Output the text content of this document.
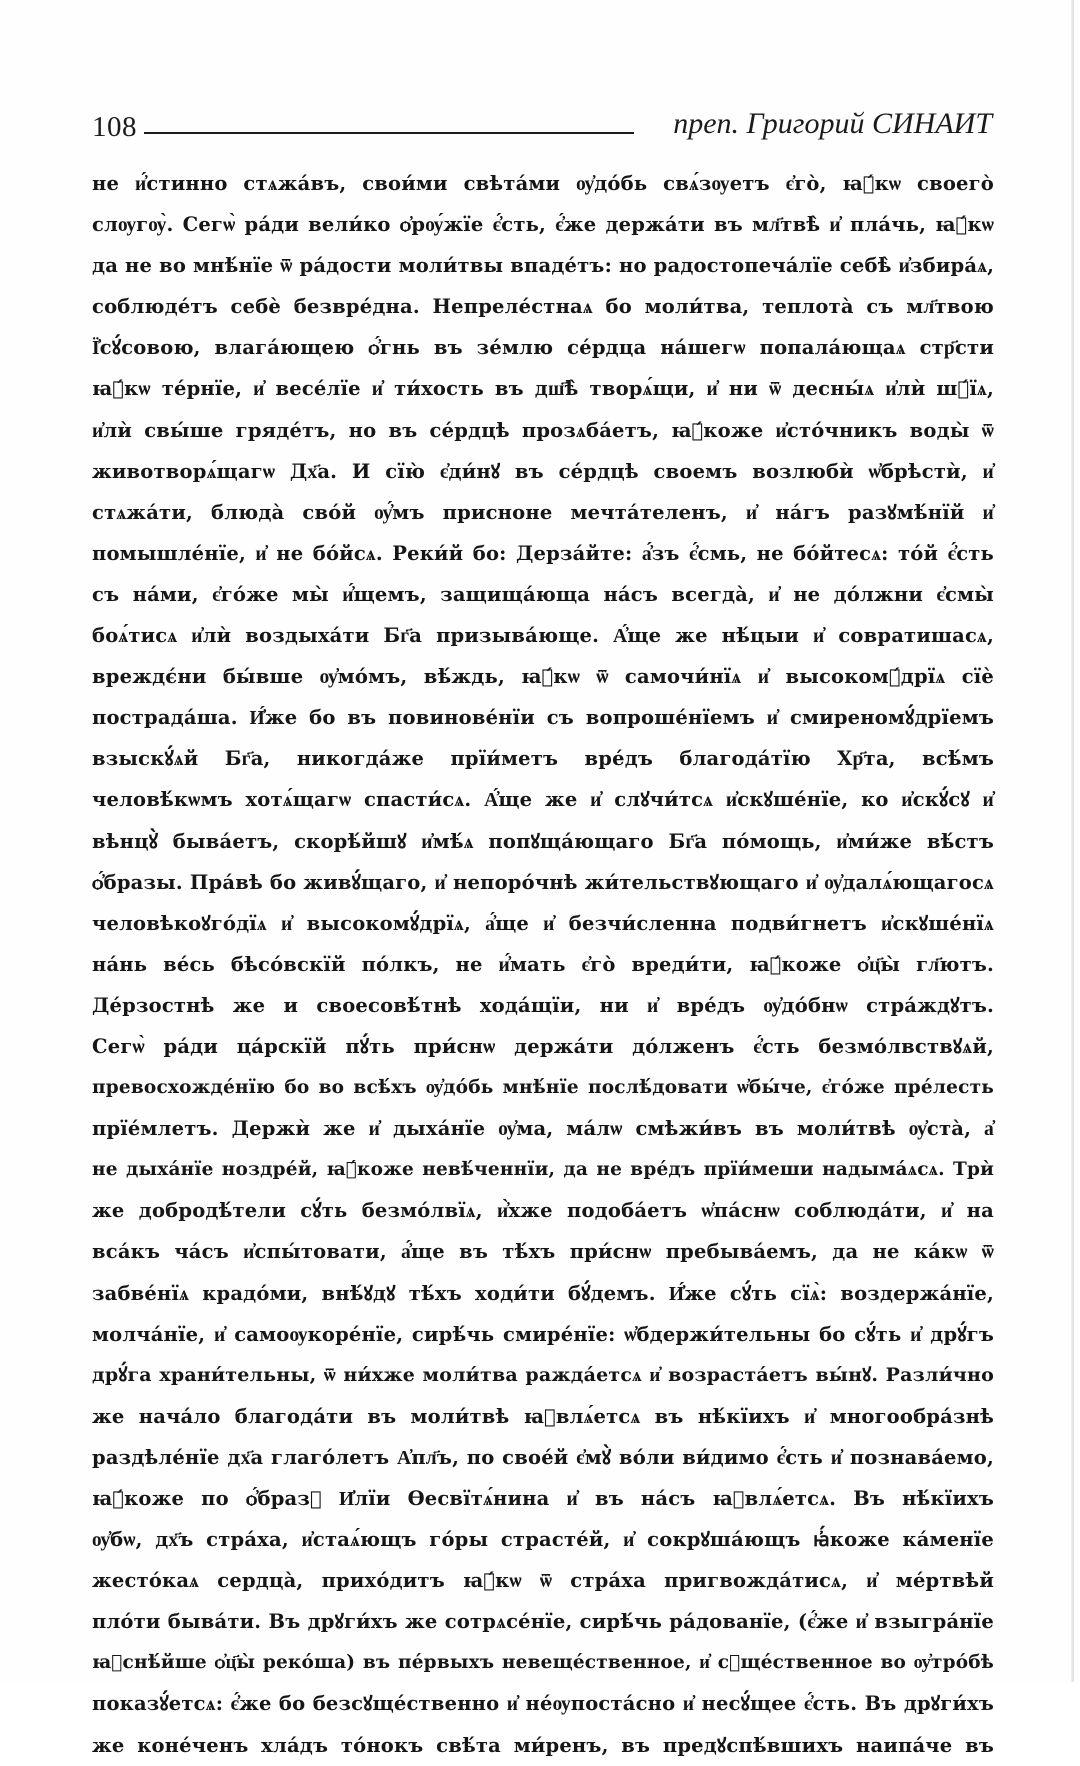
108	преп. Григорий СИНАИТ
не и҆́стинно стѧжа́въ, свои́ми свѣта́ми ѹ҆до́бь свѧ́зѹетъ є҆го̀, ꙗ҆́кѡ своего̀
слѹгѹ̀. Сегѡ̀ ра́ди вели́ко ѻ҆рѹ́жїе є҆́сть, є҆́же держа́ти въ мл҃твѣ̀ и҆ пла́чь, ꙗ҆́кѡ
да не во мнѣ́нїе ѿ ра́дости моли́твы впаде́тъ: но радостопеча́лїе себѣ̀ и҆збира́ѧ,
соблюде́тъ себѐ безвре́дна. Непреле́стнаѧ бо моли́тва, теплота̀ съ мл҃твою
Ї҆сꙋ́совою, влага́ющею ѻ҆́гнь въ зе́млю се́рдца на́шегѡ попала́ющаѧ стр҃сти
ꙗ҆́кѡ те́рнїе, и҆ весе́лїе и҆ ти́хость въ дш҃ѣ̀ творѧ́щи, и҆ ни ѿ десны́ѧ и҆лѝ шꙋ́їѧ,
и҆лѝ свы́ше гряде́тъ, но въ се́рдцѣ прозѧба́етъ, ꙗ҆́коже и҆сто́чникъ воды̀ ѿ
животворѧ́щагѡ Дх҃а. И сїю̀ є҆ди́нꙋ въ се́рдцѣ своемъ возлюбѝ ѡ҆брѣстѝ, и҆
стѧжа́ти, блюда̀ сво́й ѹ҆́мъ присноне мечта́теленъ, и҆ на́гъ разꙋмѣ́нїй и҆
помышле́нїе, и҆ не бо́йсѧ. Реки́й бо: Дерза́йте: а҆́зъ є҆́смь, не бо́йтесѧ: то́й є҆́сть
съ на́ми, є҆го́же мы̀ и҆́щемъ, защища́юща на́съ всегда̀, и҆ не до́лжни є҆смы̀
боѧ́тисѧ и҆лѝ воздыха́ти Бг҃а призыва́юще. А҆́ще же нѣ́цыи и҆ совратишасѧ,
вреждє́ни бы́вше ѹ҆мо́мъ, вѣ́ждь, ꙗ҆́кѡ ѿ самочи́нїѧ и҆ высокомꙋ́дрїѧ сїѐ
пострада́ша. И҆́же бо въ повинове́нїи съ вопроше́нїемъ и҆ смиреномꙋ́дрїемъ
взыскꙋ́ѧй Бг҃а, никогда́же прїи́метъ вре́дъ благода́тїю Хр҃та, всѣ́мъ
человѣ́кѡмъ хотѧ́щагѡ спасти́сѧ. А҆́ще же и҆ слꙋчи́тсѧ и҆скꙋше́нїе, ко и҆скꙋ́сꙋ и҆
вѣнцꙋ̀ быва́етъ, скорѣ́йшꙋ и҆мѣ́ѧ попꙋща́ющаго Бг҃а по́мощь, и҆ми́же вѣ́стъ
ѻ҆́бразы. Пра́вѣ бо живꙋ́щаго, и҆ непоро́чнѣ жи́тельствꙋющаго и҆ ѹ҆далѧ́ющагосѧ
человѣкоꙋго́дїѧ и҆ высокомꙋ́дрїѧ, а҆́ще и҆ безчи́сленна подви́гнетъ и҆скꙋше́нїѧ
на́нь ве́сь бѣсо́вскїй по́лкъ, не и҆́мать є҆го̀ вреди́ти, ꙗ҆́коже ѻ҆ц҃ы̀ гл҃ютъ.
Де́рзостнѣ же и своесовѣ́тнѣ хода́щїи, ни и҆ вре́дъ ѹ҆до́бнѡ стра́ждꙋтъ.
Сегѡ̀ ра́ди ца́рскїй пꙋ́ть при́снѡ держа́ти до́лженъ є҆́сть безмо́лвствꙋѧй,
превосхожде́нїю бо во всѣ́хъ ѹ҆до́бь мнѣ́нїе послѣ́довати ѡ҆бы́че, є҆го́же пре́лесть
прїе́млетъ. Держѝ же и҆ дыха́нїе ѹ҆ма, ма́лѡ смѣжи́въ въ моли́твѣ ѹ҆ста̀, а҆
не дыха́нїе ноздре́й, ꙗ҆́коже невѣ́ченнїи, да не вре́дъ прїи́меши надыма́ѧсѧ. Трѝ
же добродѣ́тели сꙋ́ть безмо́лвїѧ, и҆̀хже подоба́етъ ѡ҆па́снѡ соблюда́ти, и҆ на
вса́къ ча́съ и҆спы́товати, а҆́ще въ тѣ́хъ при́снѡ пребыва́емъ, да не ка́кѡ ѿ
забве́нїѧ крадо́ми, внѣ́ꙋдꙋ тѣ́хъ ходи́ти бꙋ́демъ. И҆́же сꙋ́ть сїѧ̀: воздержа́нїе,
молча́нїе, и҆ самоѹкоре́нїе, сирѣ́чь смире́нїе: ѡ҆бдержи́тельны бо сꙋ́ть и҆ дрꙋ́гъ
дрꙋ́га храни́тельны, ѿ ни́хже моли́тва ражда́етсѧ и҆ возраста́етъ вы́нꙋ. Разли́чно
же нача́ло благода́ти въ моли́твѣ ꙗ҆влѧ́етсѧ въ нѣ́кїихъ и҆ многообра́знѣ
раздѣле́нїе дх҃а глаго́летъ А҆пл҃ъ, по свое́й є҆мꙋ̀ во́ли ви́димо є҆́сть и҆ познава́емо,
ꙗ҆́коже по ѻ҆́бразꙋ И҆лїи Ѳесвїтѧ́нина и҆ въ на́съ ꙗ҆влѧ́етсѧ. Въ нѣ́кїихъ
ѹ҆бѡ, дх҃ъ стра́ха, и҆стаѧ́ющъ го́ры страсте́й, и҆ сокрꙋша́ющъ ꙗ҆́коже ка́менїе
жесто́каѧ сердца̀, прихо́дитъ ꙗ҆́кѡ ѿ стра́ха пригвожда́тисѧ, и҆ ме́ртвѣй
пло́ти быва́ти. Въ дрꙋги́хъ же сотрѧсе́нїе, сирѣ́чь ра́дованїе, (є҆́же и҆ взыгра́нїе
ꙗ҆снѣ́йше ѻ҆ц҃ы̀ реко́ша) въ пе́рвыхъ невеще́ственное, и҆ сꙋще́ственное во ѹ҆тро́бѣ
показꙋ́етсѧ: є҆́же бо безсꙋще́ственно и҆ не́ѹпоста́сно и҆ несꙋ́щее є҆́сть. Въ дрꙋги́хъ
же коне́ченъ хла́дъ то́нокъ свѣ́та ми́ренъ, въ предꙋспѣ́вшихъ наипа́че въ
